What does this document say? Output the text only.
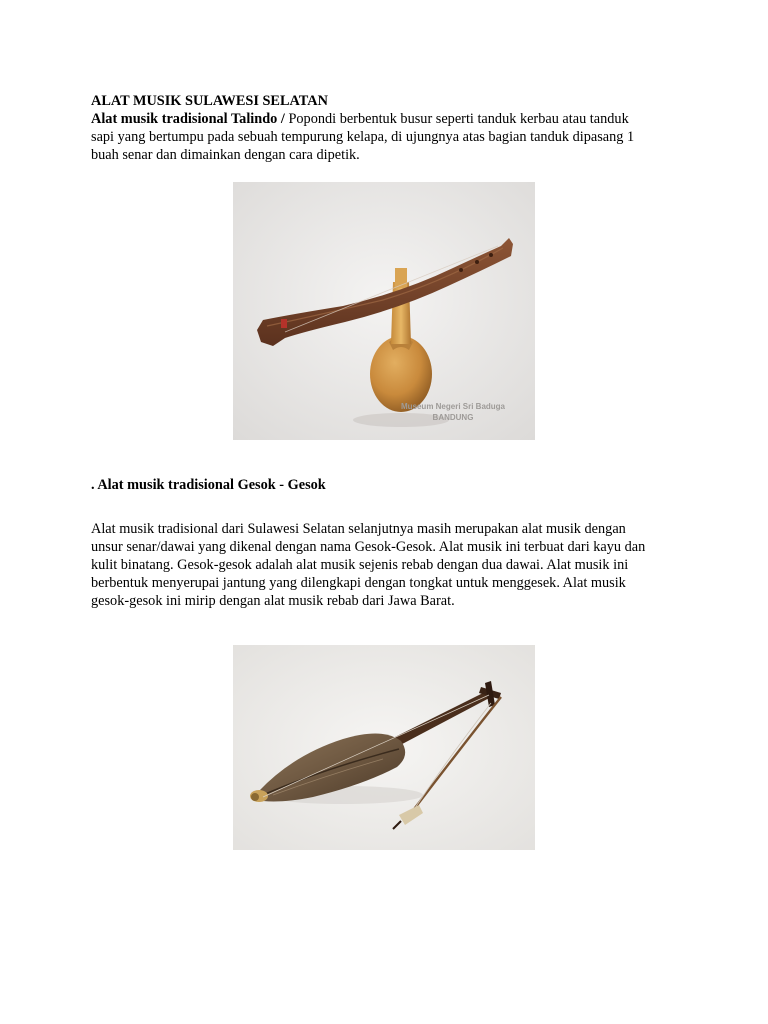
ALAT MUSIK SULAWESI SELATAN
Alat musik tradisional Talindo / Popondi berbentuk busur seperti tanduk kerbau atau tanduk
sapi yang bertumpu pada sebuah tempurung kelapa, di ujungnya atas bagian tanduk dipasang 1
buah senar dan dimainkan dengan cara dipetik.
Museum Negeri Sri Baduga
BANDUNG
. Alat musik tradisional Gesok - Gesok
Alat musik tradisional dari Sulawesi Selatan selanjutnya masih merupakan alat musik dengan
unsur senar/dawai yang dikenal dengan nama Gesok-Gesok. Alat musik ini terbuat dari kayu dan
kulit binatang. Gesok-gesok adalah alat musik sejenis rebab dengan dua dawai. Alat musik ini
berbentuk menyerupai jantung yang dilengkapi dengan tongkat untuk menggesek. Alat musik
gesok-gesok ini mirip dengan alat musik rebab dari Jawa Barat.
